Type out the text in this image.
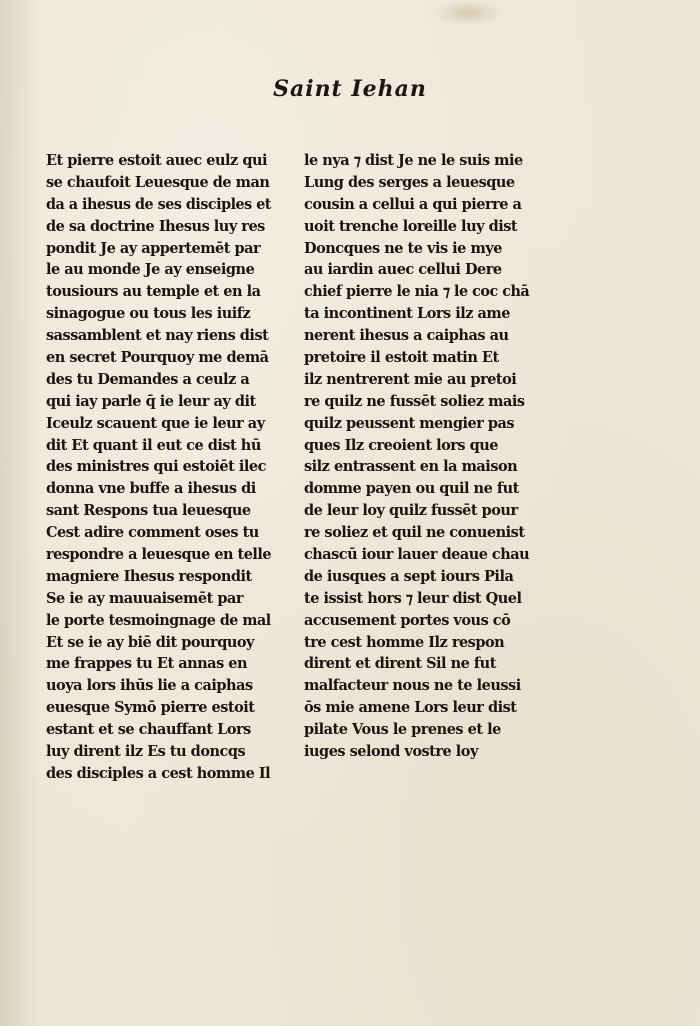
Saint Iehan
Et pierre estoit auec eulz qui
se chaufoit Leuesque de man
da a ihesus de ses disciples et
de sa doctrine Ihesus luy res
pondit Je ay appertemēt par
le au monde Je ay enseigne
tousiours au temple et en la
sinagogue ou tous les iuifz
sassamblent et nay riens dist
en secret Pourquoy me demā
des tu Demandes a ceulz a
qui iay parle q̄ ie leur ay dit
Iceulz scauent que ie leur ay
dit Et quant il eut ce dist hū
des ministres qui estoiēt ilec
donna vne buffe a ihesus di
sant Respons tua leuesque
Cest adire comment oses tu
respondre a leuesque en telle
magniere Ihesus respondit
Se ie ay mauuaisemēt par
le porte tesmoingnage de mal
Et se ie ay biē dit pourquoy
me frappes tu Et annas en
uoya lors ihūs lie a caiphas
euesque Symō pierre estoit
estant et se chauffant Lors
luy dirent ilz Es tu doncqs
des disciples a cest homme Il
le nya ⁊ dist Je ne le suis mie
Lung des serges a leuesque
cousin a cellui a qui pierre a
uoit trenche loreille luy dist
Doncques ne te vis ie mye
au iardin auec cellui Dere
chief pierre le nia ⁊ le coc chā
ta incontinent Lors ilz ame
nerent ihesus a caiphas au
pretoire il estoit matin Et
ilz nentrerent mie au pretoi
re quilz ne fussēt soliez mais
quilz peussent mengier pas
ques Ilz creoient lors que
silz entrassent en la maison
domme payen ou quil ne fut
de leur loy quilz fussēt pour
re soliez et quil ne conuenist
chascū iour lauer deaue chau
de iusques a sept iours Pila
te issist hors ⁊ leur dist Quel
accusement portes vous cō
tre cest homme Ilz respon
dirent et dirent Sil ne fut
malfacteur nous ne te leussi
ōs mie amene Lors leur dist
pilate Vous le prenes et le
iuges selond vostre loy
